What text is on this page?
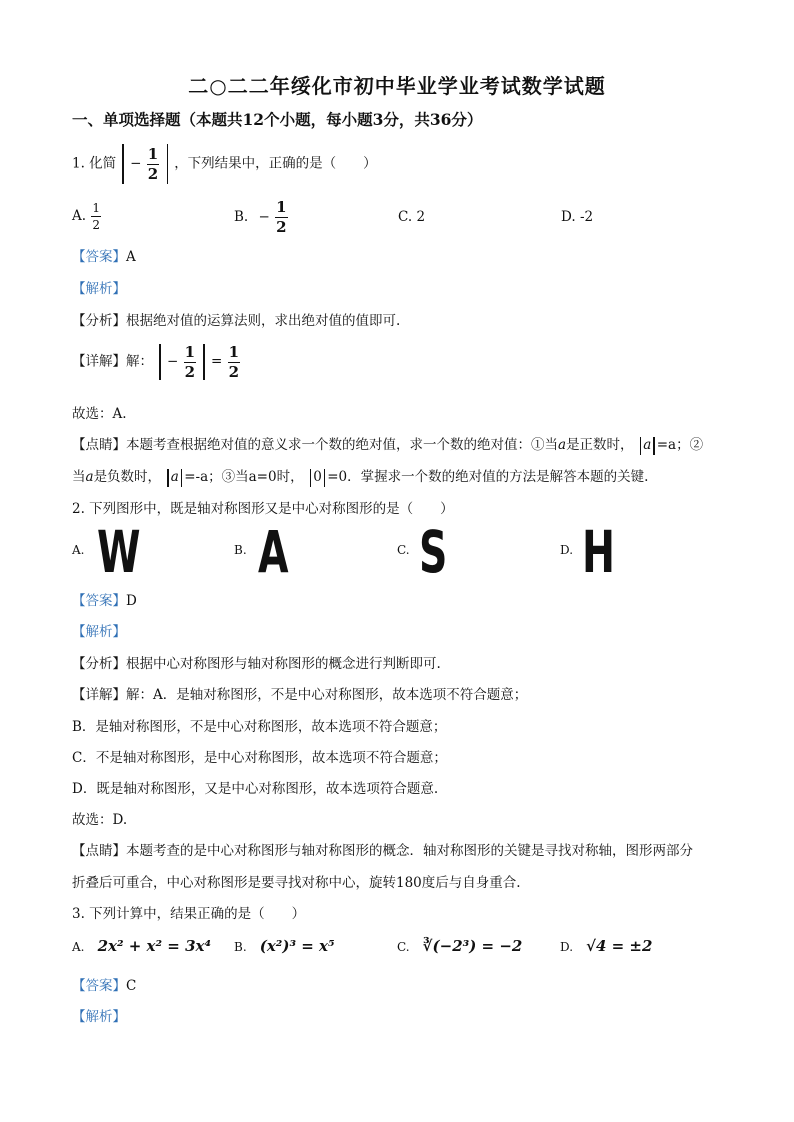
二○二二年绥化市初中毕业学业考试数学试题
一、单项选择题（本题共12个小题，每小题3分，共36分）
1. 化简 − $\frac{1}{2}$ ，下列结果中，正确的是（　　）
A. $\frac{1}{2}$	B. − $\frac{1}{2}$	C. 2	D. -2
【答案】A
【解析】
【分析】根据绝对值的运算法则，求出绝对值的值即可.
【详解】解： − $\frac{1}{2} = \frac{1}{2}$
故选：A.
【点睛】本题考查根据绝对值的意义求一个数的绝对值，求一个数的绝对值：①当a是正数时， a =a；②
当a是负数时， a =-a；③当a=0时， 0 =0．掌握求一个数的绝对值的方法是解答本题的关键.
2. 下列图形中，既是轴对称图形又是中心对称图形的是（　　）
A. W	B. A	C. S	D. H
【答案】D
【解析】
【分析】根据中心对称图形与轴对称图形的概念进行判断即可.
【详解】解：A．是轴对称图形，不是中心对称图形，故本选项不符合题意；
B．是轴对称图形，不是中心对称图形，故本选项不符合题意；
C．不是轴对称图形，是中心对称图形，故本选项不符合题意；
D．既是轴对称图形，又是中心对称图形，故本选项符合题意.
故选：D.
【点睛】本题考查的是中心对称图形与轴对称图形的概念．轴对称图形的关键是寻找对称轴，图形两部分
折叠后可重合，中心对称图形是要寻找对称中心，旋转180度后与自身重合.
3. 下列计算中，结果正确的是（　　）
A. 2x² + x² = 3x⁴ B. (x²)³ = x⁵	C. ∛(−2³) = −2	D. √4 = ±2
【答案】C
【解析】
